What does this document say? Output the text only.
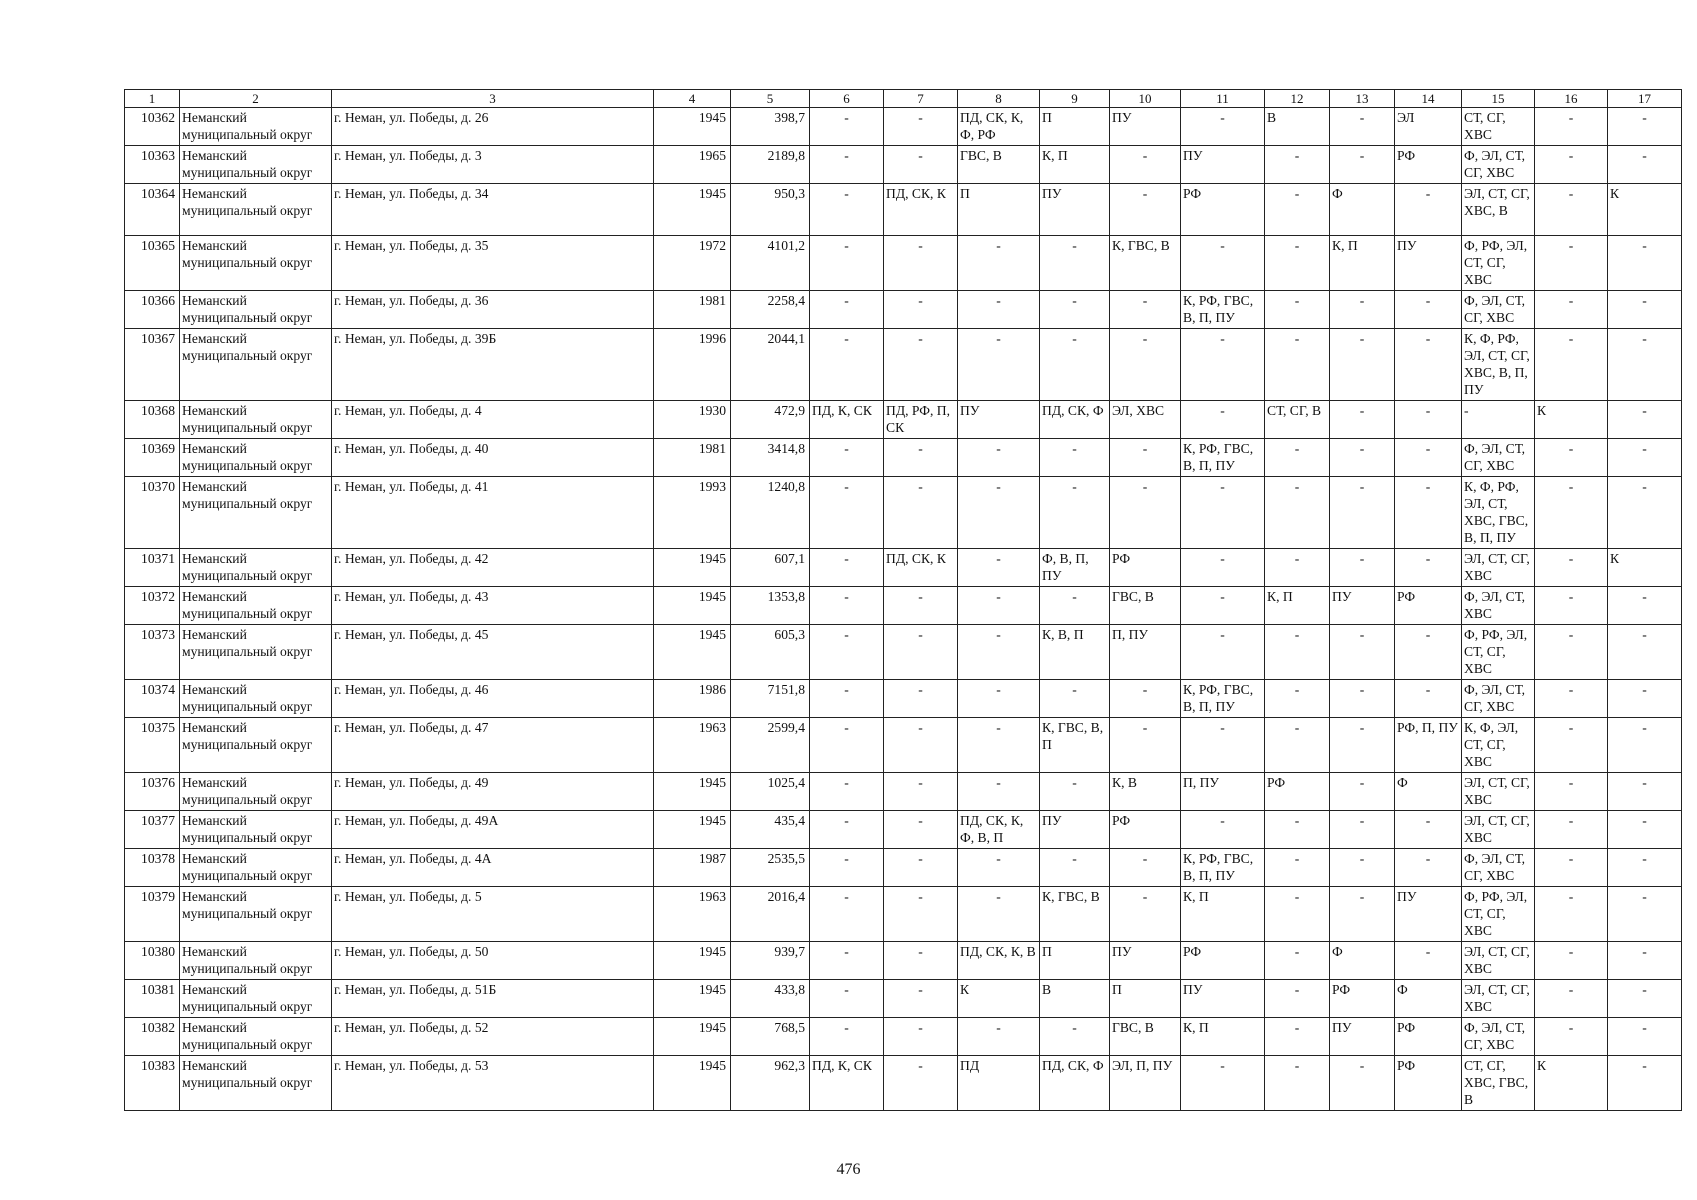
1	2	3	4	5	6	7	8	9	10	11	12	13	14	15	16	17
10362	Неманский муниципальный округ	г. Неман, ул. Победы, д. 26	1945	398,7	-	-	ПД, СК, К, Ф, РФ	П	ПУ	-	В	-	ЭЛ	СТ, СГ, ХВС	-	-
10363	Неманский муниципальный округ	г. Неман, ул. Победы, д. 3	1965	2189,8	-	-	ГВС, В	К, П	-	ПУ	-	-	РФ	Ф, ЭЛ, СТ, СГ, ХВС	-	-
10364	Неманский муниципальный округ	г. Неман, ул. Победы, д. 34	1945	950,3	-	ПД, СК, К	П	ПУ	-	РФ	-	Ф	-	ЭЛ, СТ, СГ, ХВС, В	-	К
10365	Неманский муниципальный округ	г. Неман, ул. Победы, д. 35	1972	4101,2	-	-	-	-	К, ГВС, В	-	-	К, П	ПУ	Ф, РФ, ЭЛ, СТ, СГ, ХВС	-	-
10366	Неманский муниципальный округ	г. Неман, ул. Победы, д. 36	1981	2258,4	-	-	-	-	-	К, РФ, ГВС, В, П, ПУ	-	-	-	Ф, ЭЛ, СТ, СГ, ХВС	-	-
10367	Неманский муниципальный округ	г. Неман, ул. Победы, д. 39Б	1996	2044,1	-	-	-	-	-	-	-	-	-	К, Ф, РФ, ЭЛ, СТ, СГ, ХВС, В, П, ПУ	-	-
10368	Неманский муниципальный округ	г. Неман, ул. Победы, д. 4	1930	472,9	ПД, К, СК	ПД, РФ, П, СК	ПУ	ПД, СК, Ф	ЭЛ, ХВС	-	СТ, СГ, В	-	-	-	К	-
10369	Неманский муниципальный округ	г. Неман, ул. Победы, д. 40	1981	3414,8	-	-	-	-	-	К, РФ, ГВС, В, П, ПУ	-	-	-	Ф, ЭЛ, СТ, СГ, ХВС	-	-
10370	Неманский муниципальный округ	г. Неман, ул. Победы, д. 41	1993	1240,8	-	-	-	-	-	-	-	-	-	К, Ф, РФ, ЭЛ, СТ, ХВС, ГВС, В, П, ПУ	-	-
10371	Неманский муниципальный округ	г. Неман, ул. Победы, д. 42	1945	607,1	-	ПД, СК, К	-	Ф, В, П, ПУ	РФ	-	-	-	-	ЭЛ, СТ, СГ, ХВС	-	К
10372	Неманский муниципальный округ	г. Неман, ул. Победы, д. 43	1945	1353,8	-	-	-	-	ГВС, В	-	К, П	ПУ	РФ	Ф, ЭЛ, СТ, ХВС	-	-
10373	Неманский муниципальный округ	г. Неман, ул. Победы, д. 45	1945	605,3	-	-	-	К, В, П	П, ПУ	-	-	-	-	Ф, РФ, ЭЛ, СТ, СГ, ХВС	-	-
10374	Неманский муниципальный округ	г. Неман, ул. Победы, д. 46	1986	7151,8	-	-	-	-	-	К, РФ, ГВС, В, П, ПУ	-	-	-	Ф, ЭЛ, СТ, СГ, ХВС	-	-
10375	Неманский муниципальный округ	г. Неман, ул. Победы, д. 47	1963	2599,4	-	-	-	К, ГВС, В, П	-	-	-	-	РФ, П, ПУ	К, Ф, ЭЛ, СТ, СГ, ХВС	-	-
10376	Неманский муниципальный округ	г. Неман, ул. Победы, д. 49	1945	1025,4	-	-	-	-	К, В	П, ПУ	РФ	-	Ф	ЭЛ, СТ, СГ, ХВС	-	-
10377	Неманский муниципальный округ	г. Неман, ул. Победы, д. 49А	1945	435,4	-	-	ПД, СК, К, Ф, В, П	ПУ	РФ	-	-	-	-	ЭЛ, СТ, СГ, ХВС	-	-
10378	Неманский муниципальный округ	г. Неман, ул. Победы, д. 4А	1987	2535,5	-	-	-	-	-	К, РФ, ГВС, В, П, ПУ	-	-	-	Ф, ЭЛ, СТ, СГ, ХВС	-	-
10379	Неманский муниципальный округ	г. Неман, ул. Победы, д. 5	1963	2016,4	-	-	-	К, ГВС, В	-	К, П	-	-	ПУ	Ф, РФ, ЭЛ, СТ, СГ, ХВС	-	-
10380	Неманский муниципальный округ	г. Неман, ул. Победы, д. 50	1945	939,7	-	-	ПД, СК, К, В	П	ПУ	РФ	-	Ф	-	ЭЛ, СТ, СГ, ХВС	-	-
10381	Неманский муниципальный округ	г. Неман, ул. Победы, д. 51Б	1945	433,8	-	-	К	В	П	ПУ	-	РФ	Ф	ЭЛ, СТ, СГ, ХВС	-	-
10382	Неманский муниципальный округ	г. Неман, ул. Победы, д. 52	1945	768,5	-	-	-	-	ГВС, В	К, П	-	ПУ	РФ	Ф, ЭЛ, СТ, СГ, ХВС	-	-
10383	Неманский муниципальный округ	г. Неман, ул. Победы, д. 53	1945	962,3	ПД, К, СК	-	ПД	ПД, СК, Ф	ЭЛ, П, ПУ	-	-	-	РФ	СТ, СГ, ХВС, ГВС, В	К	-
476
